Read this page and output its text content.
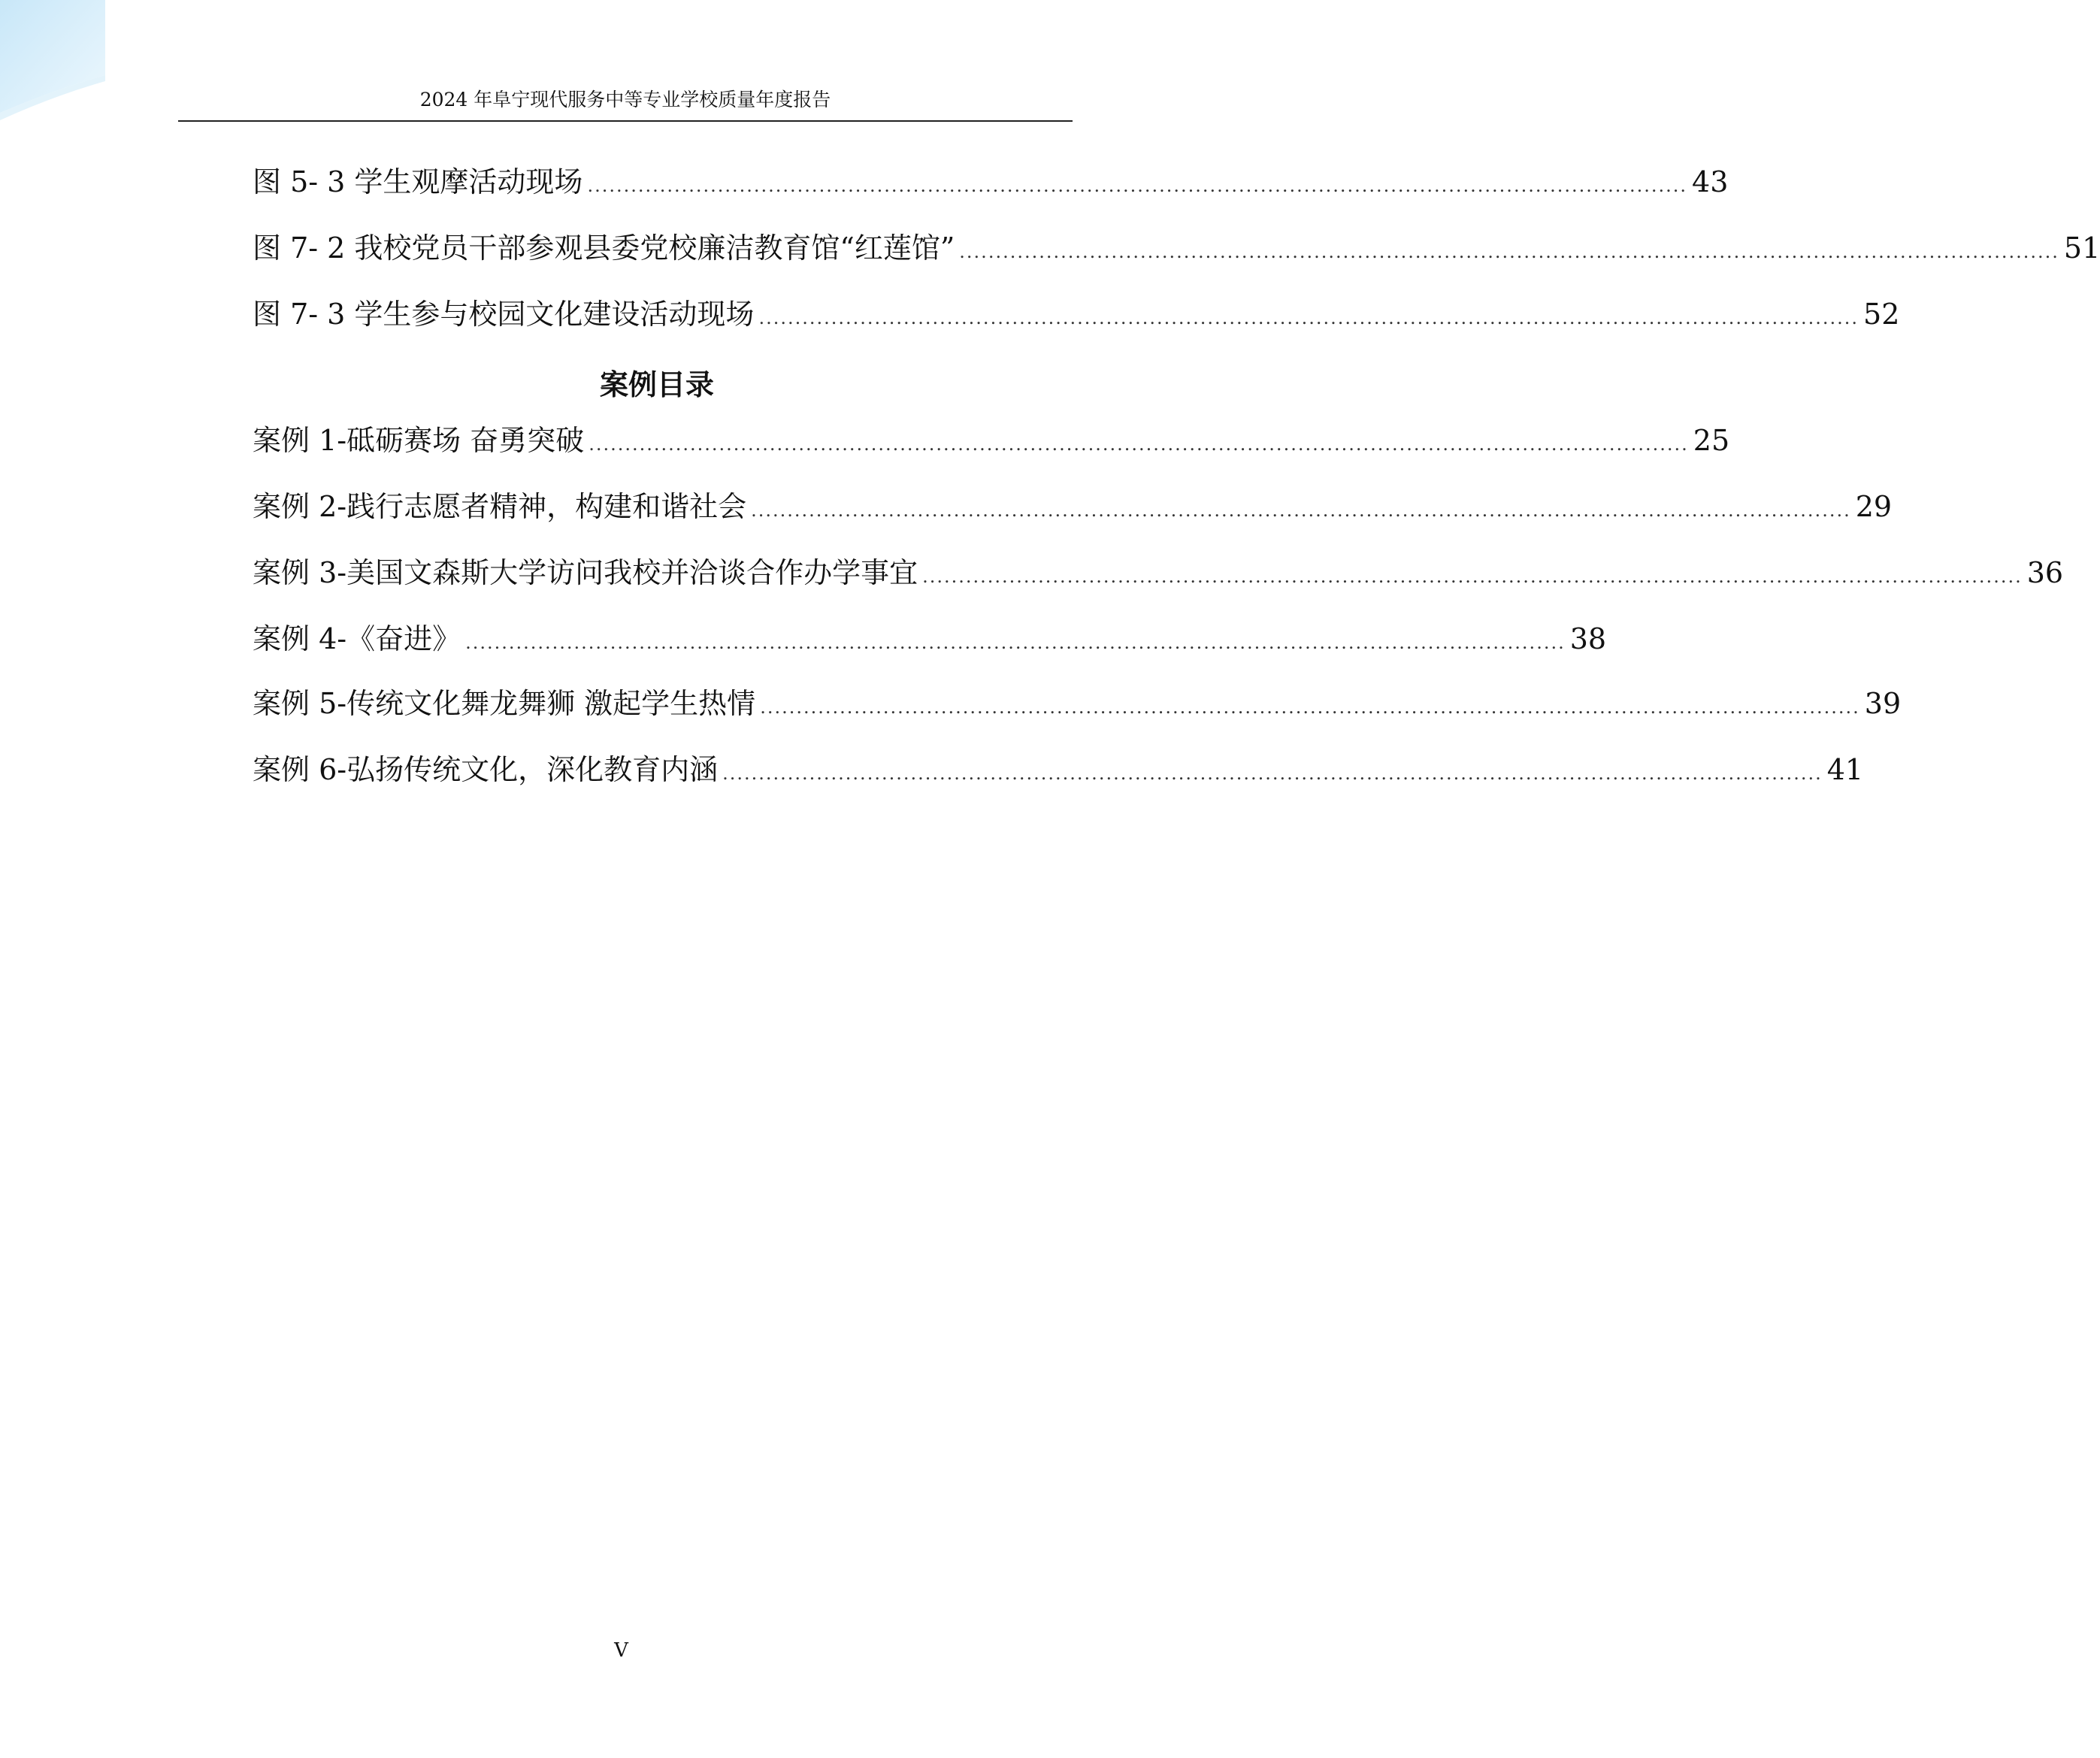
2024 年阜宁现代服务中等专业学校质量年度报告
图 5- 3 学生观摩活动现场 ........................................................................................................................................................ 43
图 7- 2 我校党员干部参观县委党校廉洁教育馆“红莲馆” ........................................................................................................................................................ 51
图 7- 3 学生参与校园文化建设活动现场 ........................................................................................................................................................ 52
案例目录
案例 1-砥砺赛场 奋勇突破 ........................................................................................................................................................ 25
案例 2-践行志愿者精神，构建和谐社会 ........................................................................................................................................................ 29
案例 3-美国文森斯大学访问我校并洽谈合作办学事宜 ........................................................................................................................................................ 36
案例 4-《奋进》 ........................................................................................................................................................ 38
案例 5-传统文化舞龙舞狮 激起学生热情 ........................................................................................................................................................ 39
案例 6-弘扬传统文化，深化教育内涵 ........................................................................................................................................................ 41
V
